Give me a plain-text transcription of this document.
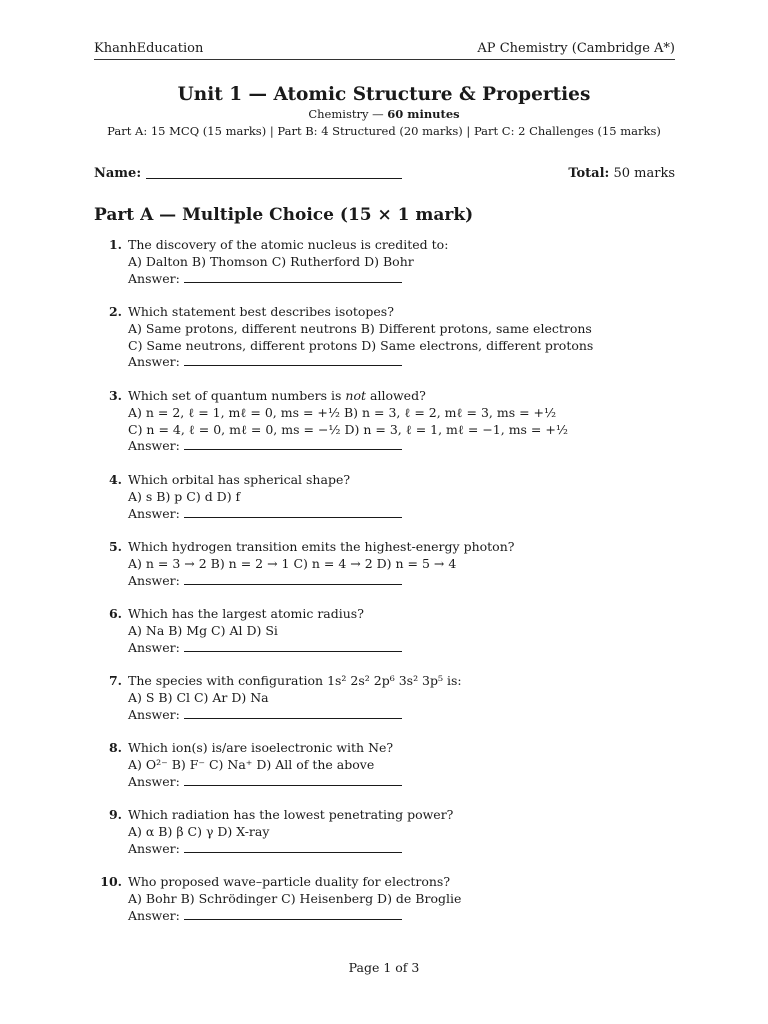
KhanhEducation	AP Chemistry (Cambridge A*)
Unit 1 — Atomic Structure & Properties
Chemistry — 60 minutes
Part A: 15 MCQ (15 marks) | Part B: 4 Structured (20 marks) | Part C: 2 Challenges (15 marks)
Name:	Total: 50 marks
Part A — Multiple Choice (15 × 1 mark)
1. The discovery of the atomic nucleus is credited to:
A) Dalton B) Thomson C) Rutherford D) Bohr
Answer:
2. Which statement best describes isotopes?
A) Same protons, different neutrons B) Different protons, same electrons
C) Same neutrons, different protons D) Same electrons, different protons
Answer:
3. Which set of quantum numbers is not allowed?
A) n = 2, ℓ = 1, mℓ = 0, ms = +½ B) n = 3, ℓ = 2, mℓ = 3, ms = +½
C) n = 4, ℓ = 0, mℓ = 0, ms = −½ D) n = 3, ℓ = 1, mℓ = −1, ms = +½
Answer:
4. Which orbital has spherical shape?
A) s B) p C) d D) f
Answer:
5. Which hydrogen transition emits the highest-energy photon?
A) n = 3 → 2 B) n = 2 → 1 C) n = 4 → 2 D) n = 5 → 4
Answer:
6. Which has the largest atomic radius?
A) Na B) Mg C) Al D) Si
Answer:
7. The species with configuration 1s² 2s² 2p⁶ 3s² 3p⁵ is:
A) S B) Cl C) Ar D) Na
Answer:
8. Which ion(s) is/are isoelectronic with Ne?
A) O²⁻ B) F⁻ C) Na⁺ D) All of the above
Answer:
9. Which radiation has the lowest penetrating power?
A) α B) β C) γ D) X-ray
Answer:
10. Who proposed wave–particle duality for electrons?
A) Bohr B) Schrödinger C) Heisenberg D) de Broglie
Answer:
Page 1 of 3
